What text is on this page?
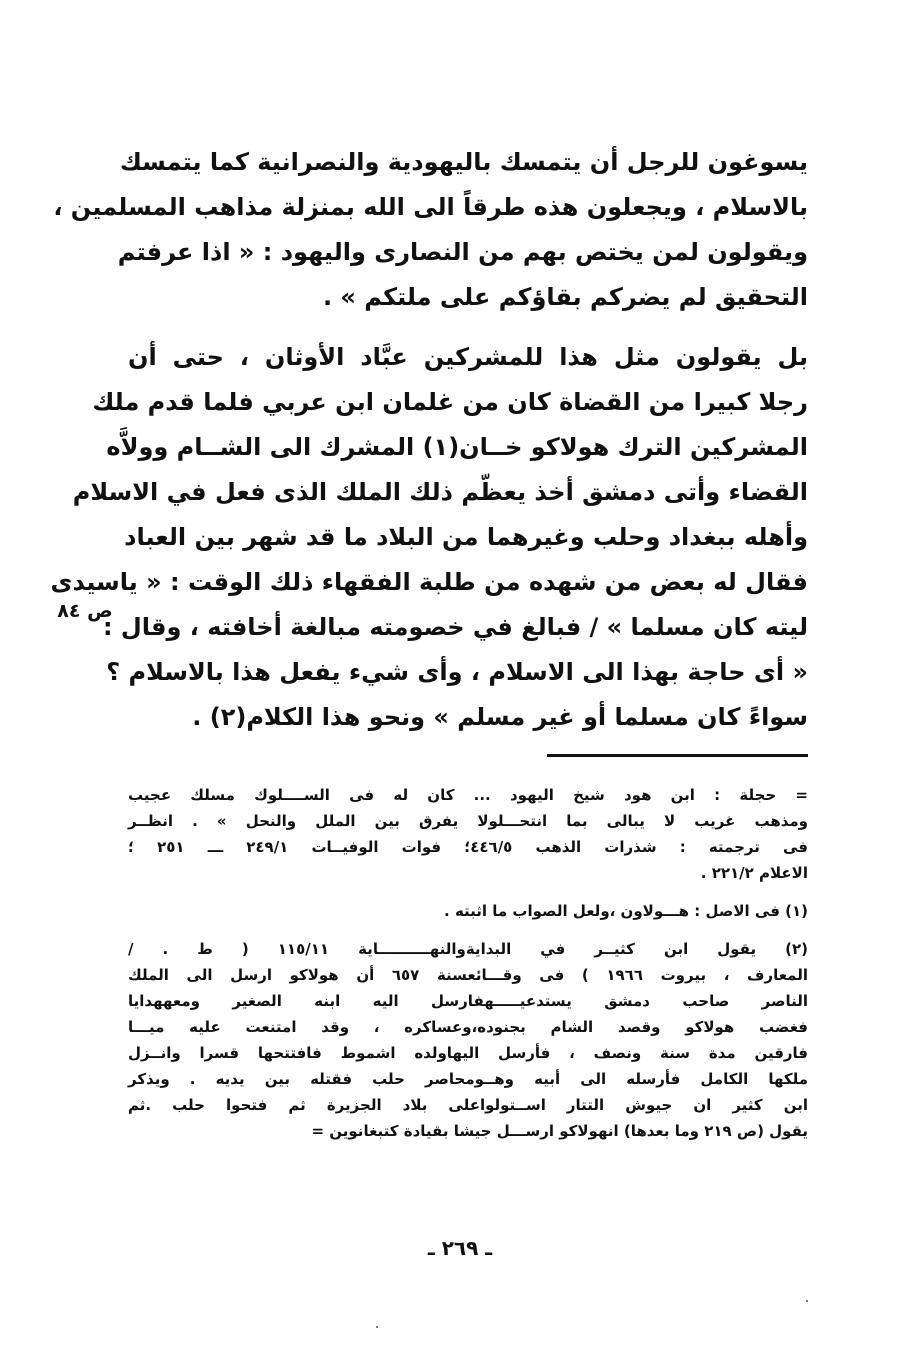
يسوغون للرجل أن يتمسك باليهودية والنصرانية كما يتمسك
بالاسلام ، ويجعلون هذه طرقاً الى الله بمنزلة مذاهب المسلمين ،
ويقولون لمن يختص بهم من النصارى واليهود : « اذا عرفتم
التحقيق لم يضركم بقاؤكم على ملتكم » .
بل يقولون مثل هذا للمشركين عبَّاد الأوثان ، حتى أن
رجلا كبيرا من القضاة كان من غلمان ابن عربي فلما قدم ملك
المشركين الترك هولاكو خــان(١) المشرك الى الشــام وولاَّه
القضاء وأتى دمشق أخذ يعظّم ذلك الملك الذى فعل في الاسلام
وأهله ببغداد وحلب وغيرهما من البلاد ما قد شهر بين العباد
فقال له بعض من شهده من طلبة الفقهاء ذلك الوقت : « ياسيدى
ليته كان مسلما » / فبالغ في خصومته مبالغة أخافته ، وقال :
« أى حاجة بهذا الى الاسلام ، وأى شيء يفعل هذا بالاسلام ؟
سواءً كان مسلما أو غير مسلم » ونحو هذا الكلام(٢) .
ص ٨٤
= حجلة : ابن هود شيخ اليهود ... كان له فى الســــلوك مسلك عجيب
ومذهب غريب لا يبالى بما انتحـــلولا يفرق بين الملل والنحل » . انظــر
فى ترجمته : شذرات الذهب ٤٤٦/٥؛ فوات الوفيــات ٢٤٩/١ ـــ ٢٥١ ؛
الاعلام ٢٢١/٢ .
(١) فى الاصل : هـــولاون ،ولعل الصواب ما اثبته .
(٢) يقول ابن كثيــر في البدايةوالنهــــــــــاية ١١٥/١١ ( ط . /
المعارف ، بيروت ١٩٦٦ ) فى وقـــائعسنة ٦٥٧ أن هولاكو ارسل الى الملك
الناصر صاحب دمشق يستدعيـــــهفارسل اليه ابنه الصغير ومعههدايا
فغضب هولاكو وقصد الشام بجنوده،وعساكره ، وقد امتنعت عليه ميـــا
فارقين مدة سنة ونصف ، فأرسل اليهاولده اشموط فافتتحها قسرا وانــزل
ملكها الكامل فأرسله الى أبيه وهــومحاصر حلب فقتله بين يديه . ويذكر
ابن كثير ان جيوش التتار اســتولواعلى بلاد الجزيرة ثم فتحوا حلب .ثم
يقول (ص ٢١٩ وما بعدها) انهولاكو ارســـل جيشا بقيادة كتبغانوين =
ـ ٢٦٩ ـ
